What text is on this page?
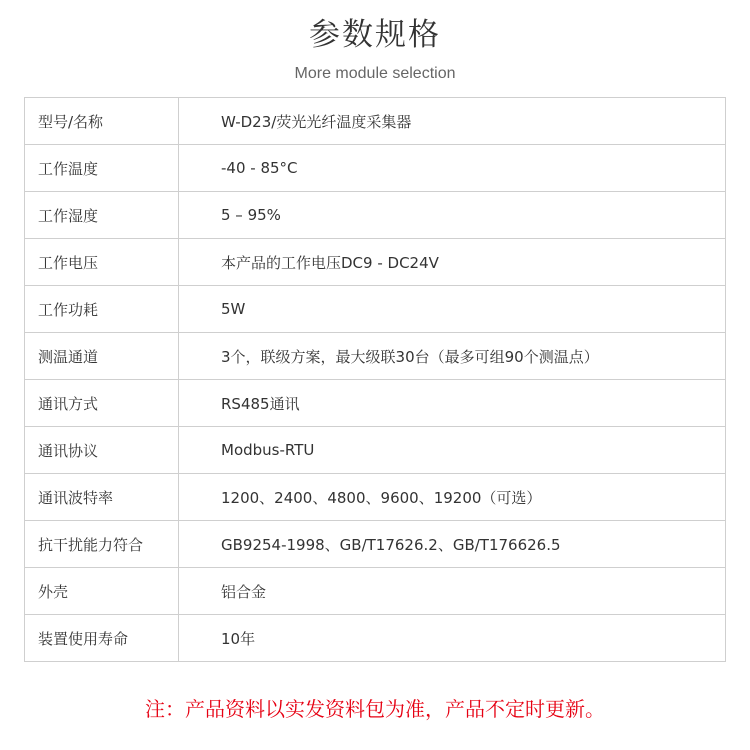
参数规格
More module selection
型号/名称	W-D23/荧光光纤温度采集器
工作温度	-40 - 85°C
工作湿度	5 – 95%
工作电压	本产品的工作电压DC9 - DC24V
工作功耗	5W
测温通道	3个，联级方案，最大级联30台（最多可组90个测温点）
通讯方式	RS485通讯
通讯协议	Modbus-RTU
通讯波特率	1200、2400、4800、9600、19200（可选）
抗干扰能力符合	GB9254-1998、GB/T17626.2、GB/T176626.5
外壳	铝合金
装置使用寿命	10年
注：产品资料以实发资料包为准，产品不定时更新。
